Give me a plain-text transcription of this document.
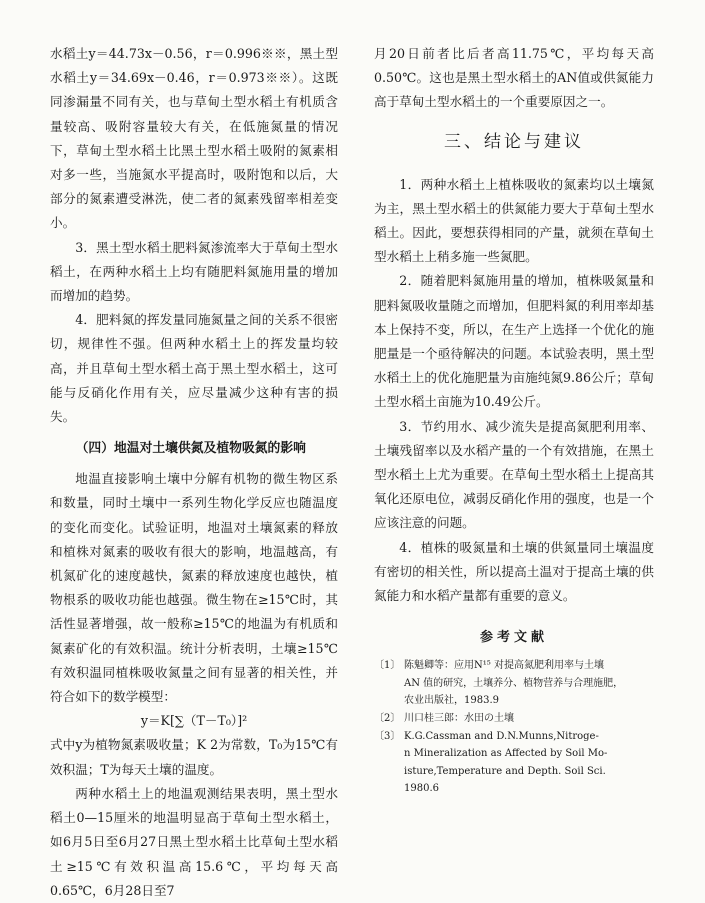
水稻土y＝44.73x－0.56，r＝0.996※※，黑土型水稻土y＝34.69x－0.46，r＝0.973※※）。这既同渗漏量不同有关，也与草甸土型水稻土有机质含量较高、吸附容量较大有关，在低施氮量的情况下，草甸土型水稻土比黑土型水稻土吸附的氮素相对多一些，当施氮水平提高时，吸附饱和以后，大部分的氮素遭受淋洗，使二者的氮素残留率相差变小。

3．黑土型水稻土肥料氮渗流率大于草甸土型水稻土，在两种水稻土上均有随肥料氮施用量的增加而增加的趋势。

4．肥料氮的挥发量同施氮量之间的关系不很密切，规律性不强。但两种水稻土上的挥发量均较高，并且草甸土型水稻土高于黑土型水稻土，这可能与反硝化作用有关，应尽量减少这种有害的损失。

（四）地温对土壤供氮及植物吸氮的影响

地温直接影响土壤中分解有机物的微生物区系和数量，同时土壤中一系列生物化学反应也随温度的变化而变化。试验证明，地温对土壤氮素的释放和植株对氮素的吸收有很大的影响，地温越高，有机氮矿化的速度越快，氮素的释放速度也越快，植物根系的吸收功能也越强。微生物在≥15℃时，其活性显著增强，故一般称≥15℃的地温为有机质和氮素矿化的有效积温。统计分析表明，土壤≥15℃有效积温同植株吸收氮量之间有显著的相关性，并符合如下的数学模型：

y＝K[∑（T－T₀）]²

式中y为植物氮素吸收量；K 2为常数，T₀为15℃有效积温；T为每天土壤的温度。

两种水稻土上的地温观测结果表明，黑土型水稻土0—15厘米的地温明显高于草甸土型水稻土，如6月5日至6月27日黑土型水稻土比草甸土型水稻土≥15℃有效积温高15.6℃，平均每天高0.65℃，6月28日至7

月20日前者比后者高11.75℃，平均每天高0.50℃。这也是黑土型水稻土的AN值或供氮能力高于草甸土型水稻土的一个重要原因之一。

三、结论与建议

1．两种水稻土上植株吸收的氮素均以土壤氮为主，黑土型水稻土的供氮能力要大于草甸土型水稻土。因此，要想获得相同的产量，就须在草甸土型水稻土上稍多施一些氮肥。

2．随着肥料氮施用量的增加，植株吸氮量和肥料氮吸收量随之而增加，但肥料氮的利用率却基本上保持不变，所以，在生产上选择一个优化的施肥量是一个亟待解决的问题。本试验表明，黑土型水稻土上的优化施肥量为亩施纯氮9.86公斤；草甸土型水稻土亩施为10.49公斤。

3．节约用水、减少流失是提高氮肥利用率、土壤残留率以及水稻产量的一个有效措施，在黑土型水稻土上尤为重要。在草甸土型水稻土上提高其氧化还原电位，减弱反硝化作用的强度，也是一个应该注意的问题。

4．植株的吸氮量和土壤的供氮量同土壤温度有密切的相关性，所以提高土温对于提高土壤的供氮能力和水稻产量都有重要的意义。

参考文献
〔1〕 陈魁卿等：应用N¹⁵ 对提高氮肥利用率与土壤
AN 值的研究，土壤养分、植物营养与合理施肥，
农业出版社，1983.9
〔2〕 川口桂三郎：水田の土壤
〔3〕 K.G.Cassman and D.N.Munns,Nitroge-
n Mineralization as Affected by Soil Mo-
isture,Temperature and Depth. Soil Sci.
1980.6
